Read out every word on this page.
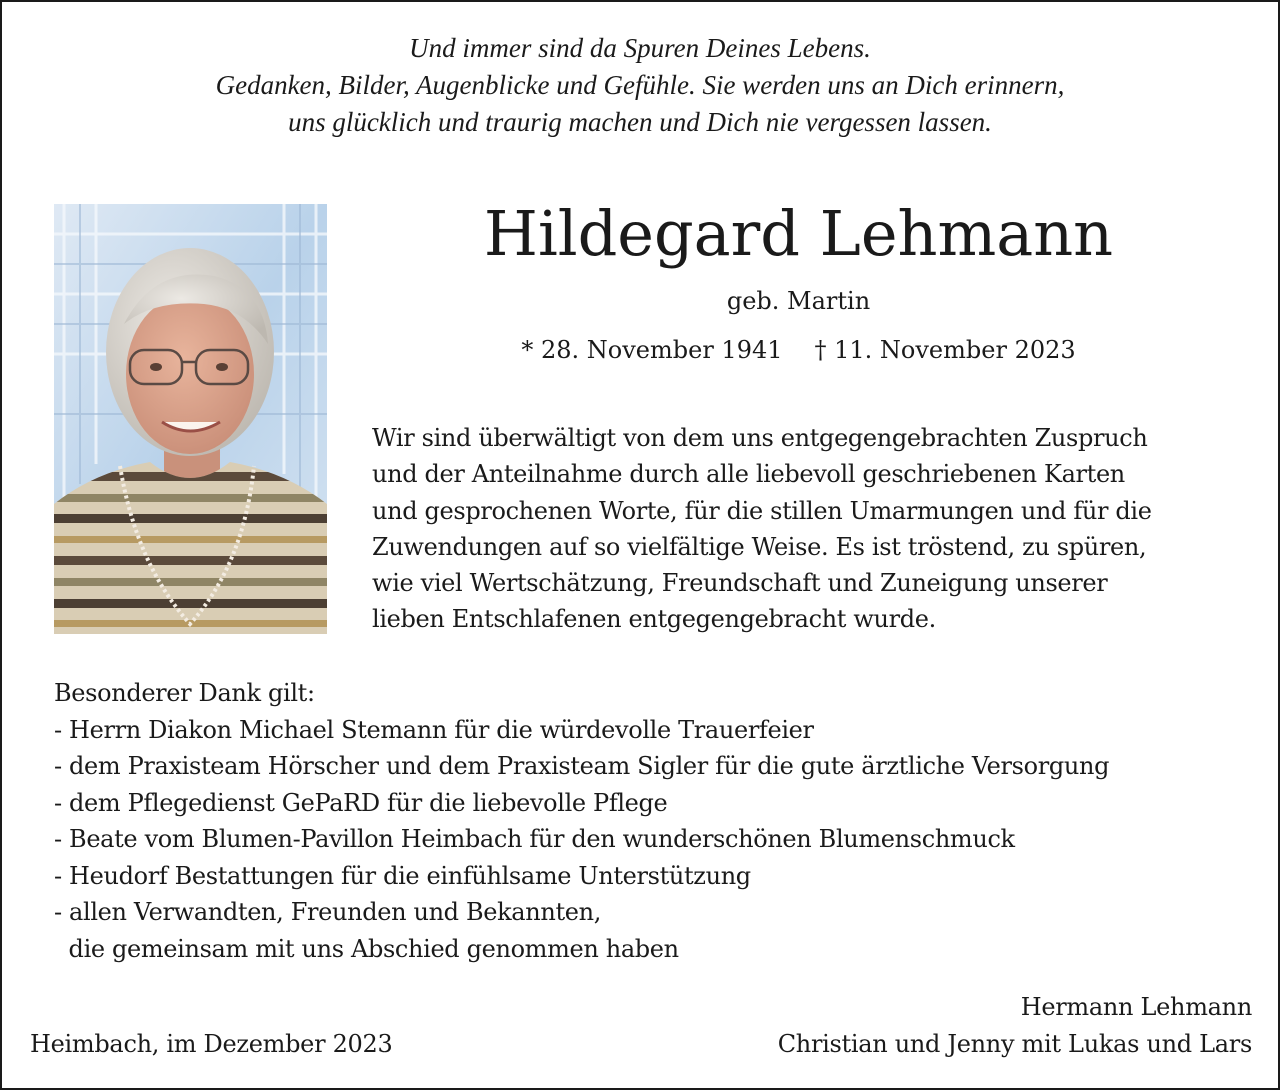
Und immer sind da Spuren Deines Lebens.
Gedanken, Bilder, Augenblicke und Gefühle. Sie werden uns an Dich erinnern,
uns glücklich und traurig machen und Dich nie vergessen lassen.
Hildegard Lehmann
geb. Martin
* 28. November 1941 † 11. November 2023
Wir sind überwältigt von dem uns entgegengebrachten Zuspruch
und der Anteilnahme durch alle liebevoll geschriebenen Karten
und gesprochenen Worte, für die stillen Umarmungen und für die
Zuwendungen auf so vielfältige Weise. Es ist tröstend, zu spüren,
wie viel Wertschätzung, Freundschaft und Zuneigung unserer
lieben Entschlafenen entgegengebracht wurde.
Besonderer Dank gilt:
- Herrn Diakon Michael Stemann für die würdevolle Trauerfeier
- dem Praxisteam Hörscher und dem Praxisteam Sigler für die gute ärztliche Versorgung
- dem Pflegedienst GePaRD für die liebevolle Pflege
- Beate vom Blumen-Pavillon Heimbach für den wunderschönen Blumenschmuck
- Heudorf Bestattungen für die einfühlsame Unterstützung
- allen Verwandten, Freunden und Bekannten,
die gemeinsam mit uns Abschied genommen haben
Heimbach, im Dezember 2023
Hermann Lehmann
Christian und Jenny mit Lukas und Lars
